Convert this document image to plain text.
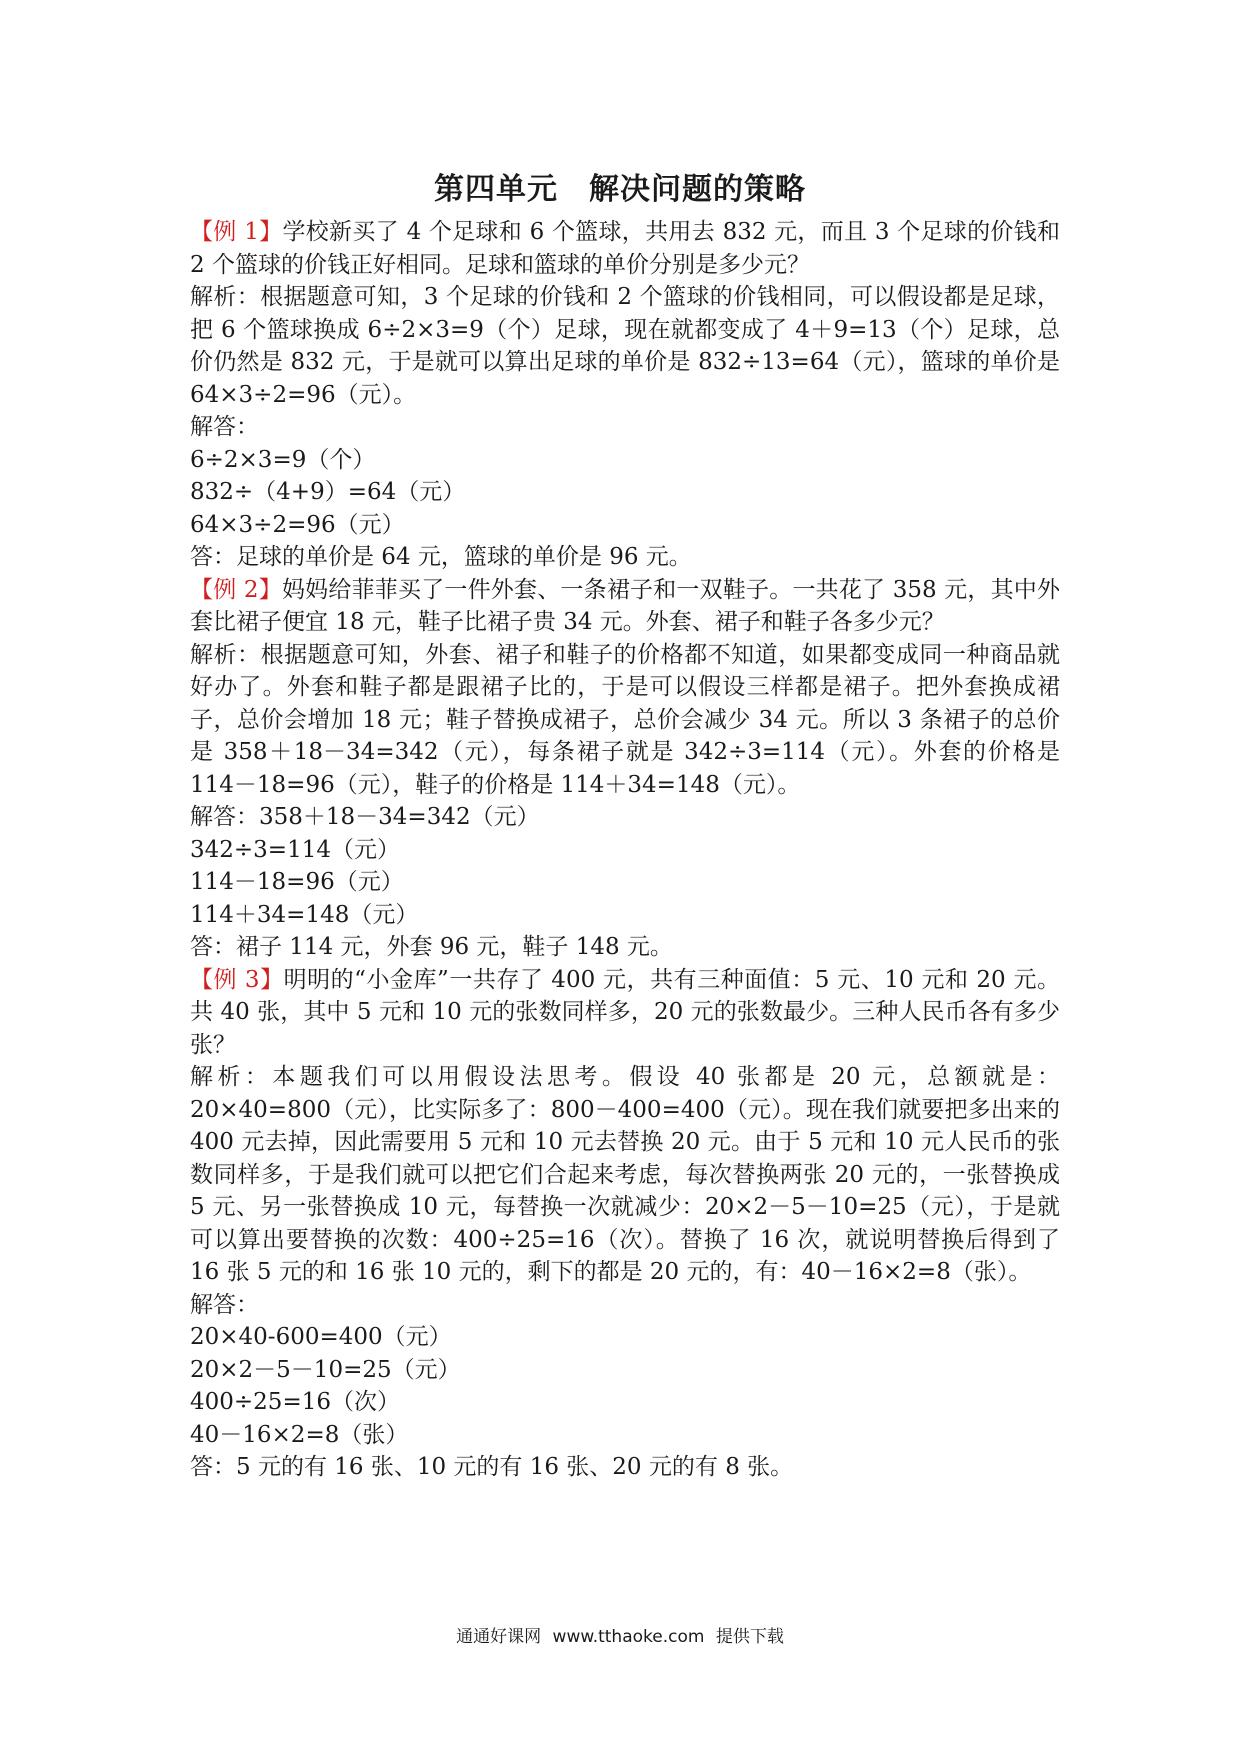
第四单元　解决问题的策略

【例 1】学校新买了 4 个足球和 6 个篮球，共用去 832 元，而且 3 个足球的价钱和 2 个篮球的价钱正好相同。足球和篮球的单价分别是多少元？

解析：根据题意可知，3 个足球的价钱和 2 个篮球的价钱相同，可以假设都是足球，把 6 个篮球换成 6÷2×3=9（个）足球，现在就都变成了 4＋9=13（个）足球，总价仍然是 832 元，于是就可以算出足球的单价是 832÷13=64（元），篮球的单价是 64×3÷2=96（元）。

解答：

6÷2×3=9（个）

832÷（4+9）=64（元）

64×3÷2=96（元）

答：足球的单价是 64 元，篮球的单价是 96 元。

【例 2】妈妈给菲菲买了一件外套、一条裙子和一双鞋子。一共花了 358 元，其中外套比裙子便宜 18 元，鞋子比裙子贵 34 元。外套、裙子和鞋子各多少元？

解析：根据题意可知，外套、裙子和鞋子的价格都不知道，如果都变成同一种商品就好办了。外套和鞋子都是跟裙子比的，于是可以假设三样都是裙子。把外套换成裙子，总价会增加 18 元；鞋子替换成裙子，总价会减少 34 元。所以 3 条裙子的总价是 358＋18－34=342（元），每条裙子就是 342÷3=114（元）。外套的价格是 114－18=96（元），鞋子的价格是 114＋34=148（元）。

解答：358＋18－34=342（元）

342÷3=114（元）

114－18=96（元）

114＋34=148（元）

答：裙子 114 元，外套 96 元，鞋子 148 元。

【例 3】明明的“小金库”一共存了 400 元，共有三种面值：5 元、10 元和 20 元。共 40 张，其中 5 元和 10 元的张数同样多，20 元的张数最少。三种人民币各有多少张？

解析：本题我们可以用假设法思考。假设 40 张都是 20 元，总额就是：20×40=800（元），比实际多了：800－400=400（元）。现在我们就要把多出来的 400 元去掉，因此需要用 5 元和 10 元去替换 20 元。由于 5 元和 10 元人民币的张数同样多，于是我们就可以把它们合起来考虑，每次替换两张 20 元的，一张替换成 5 元、另一张替换成 10 元，每替换一次就减少：20×2－5－10=25（元），于是就可以算出要替换的次数：400÷25=16（次）。替换了 16 次，就说明替换后得到了 16 张 5 元的和 16 张 10 元的，剩下的都是 20 元的，有：40－16×2=8（张）。

解答：

20×40-600=400（元）

20×2－5－10=25（元）

400÷25=16（次）

40－16×2=8（张）

答：5 元的有 16 张、10 元的有 16 张、20 元的有 8 张。

通通好课网 www.tthaoke.com 提供下载
